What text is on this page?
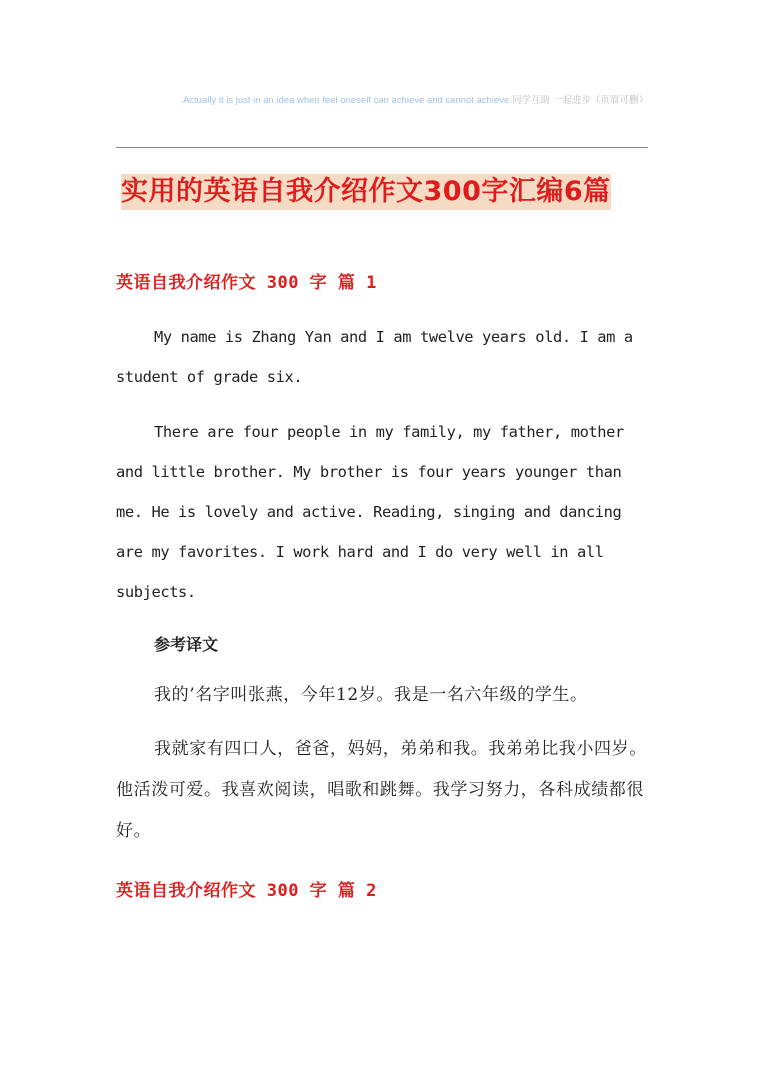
Actually it is just in an idea when feel oneself can achieve and cannot achieve.同学互助 一起进步（页眉可删）
实用的英语自我介绍作文300字汇编6篇
英语自我介绍作文 300 字 篇 1

My name is Zhang Yan and I am twelve years old. I am a student of grade six.

There are four people in my family, my father, mother and little brother. My brother is four years younger than me. He is lovely and active. Reading, singing and dancing are my favorites. I work hard and I do very well in all subjects.

参考译文

我的’名字叫张燕，今年12岁。我是一名六年级的学生。

我就家有四口人，爸爸，妈妈，弟弟和我。我弟弟比我小四岁。他活泼可爱。我喜欢阅读，唱歌和跳舞。我学习努力，各科成绩都很好。

英语自我介绍作文 300 字 篇 2
